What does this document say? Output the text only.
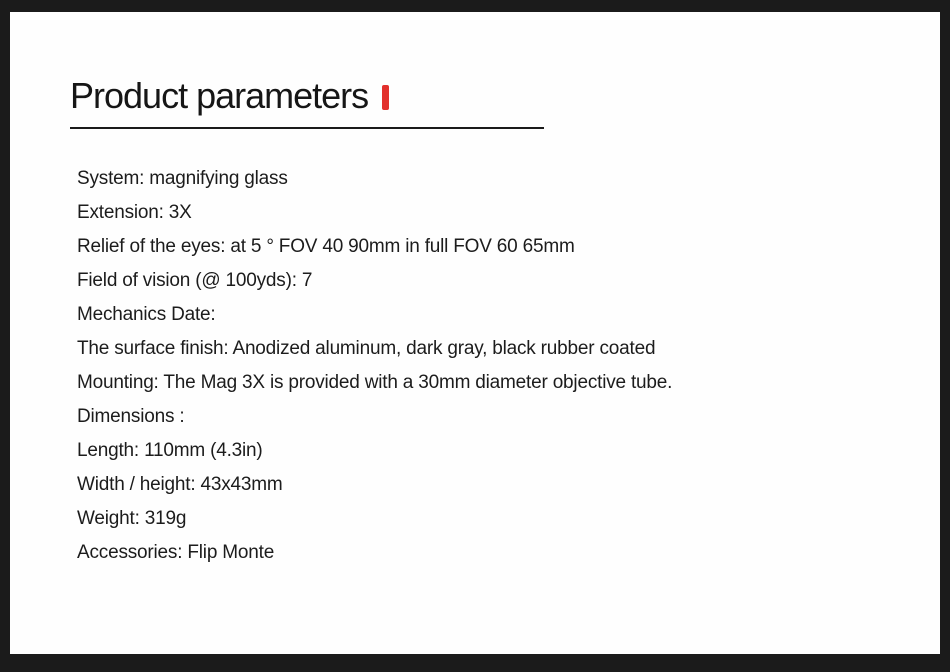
Product parameters
System: magnifying glass
Extension: 3X
Relief of the eyes: at 5 ° FOV 40 90mm in full FOV 60 65mm
Field of vision (@ 100yds): 7
Mechanics Date:
The surface finish: Anodized aluminum, dark gray, black rubber coated
Mounting: The Mag 3X is provided with a 30mm diameter objective tube.
Dimensions :
Length: 110mm (4.3in)
Width / height: 43x43mm
Weight: 319g
Accessories: Flip Monte
